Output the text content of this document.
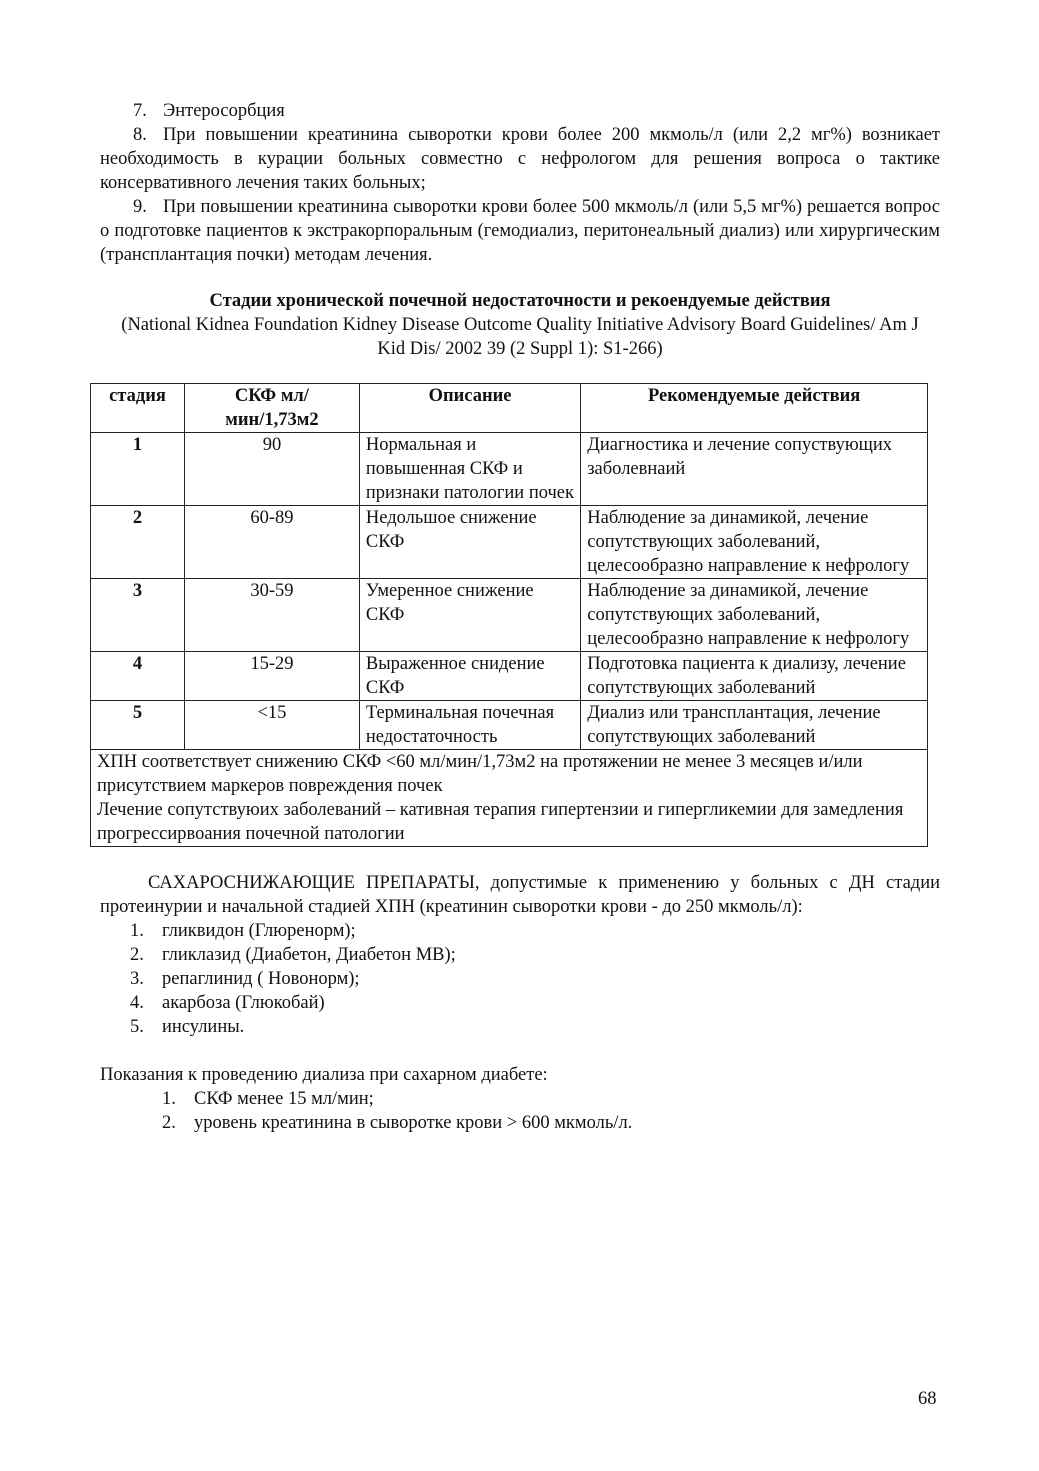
7. Энтеросорбция

8. При повышении креатинина сыворотки крови более 200 мкмоль/л (или 2,2 мг%) возникает необходимость в курации больных совместно с нефрологом для решения вопроса о тактике консервативного лечения таких больных;

9. При повышении креатинина сыворотки крови более 500 мкмоль/л (или 5,5 мг%) решается вопрос о подготовке пациентов к экстракорпоральным (гемодиализ, перитонеальный диализ) или хирургическим (трансплантация почки) методам лечения.

Стадии хронической почечной недостаточности и рекоендуемые действия

(National Kidnea Foundation Kidney Disease Outcome Quality Initiative Advisory Board Guidelines/ Am J Kid Dis/ 2002 39 (2 Suppl 1): S1-266)

стадия	СКФ мл/мин/1,73м2	Описание	Рекомендуемые действия
1	90	Нормальная и повышенная СКФ и признаки патологии почек	Диагностика и лечение сопуствующих заболевнаий
2	60-89	Недольшое снижение СКФ	Наблюдение за динамикой, лечение сопутствующих заболеваний, целесообразно направление к нефрологу
3	30-59	Умеренное снижение СКФ	Наблюдение за динамикой, лечение сопутствующих заболеваний, целесообразно направление к нефрологу
4	15-29	Выраженное снидение СКФ	Подготовка пациента к диализу, лечение сопутствующих заболеваний
5	<15	Терминальная почечная недостаточность	Диализ или трансплантация, лечение сопутствующих заболеваний

ХПН соответствует снижению СКФ <60 мл/мин/1,73м2 на протяжении не менее 3 месяцев и/или присутствием маркеров повреждения почек
Лечение сопутствуюих заболеваний – кативная терапия гипертензии и гипергликемии для замедления прогрессирвоания почечной патологии			

САХАРОСНИЖАЮЩИЕ ПРЕПАРАТЫ, допустимые к применению у больных с ДН стадии протеинурии и начальной стадией ХПН (креатинин сыворотки крови - до 250 мкмоль/л):

1. гликвидон (Глюренорм);
2. гликлазид (Диабетон, Диабетон МВ);
3. репаглинид ( Новонорм);
4. акарбоза (Глюкобай)
5. инсулины.

Показания к проведению диализа при сахарном диабете:

1. СКФ менее 15 мл/мин;
2. уровень креатинина в сыворотке крови > 600 мкмоль/л.
68
